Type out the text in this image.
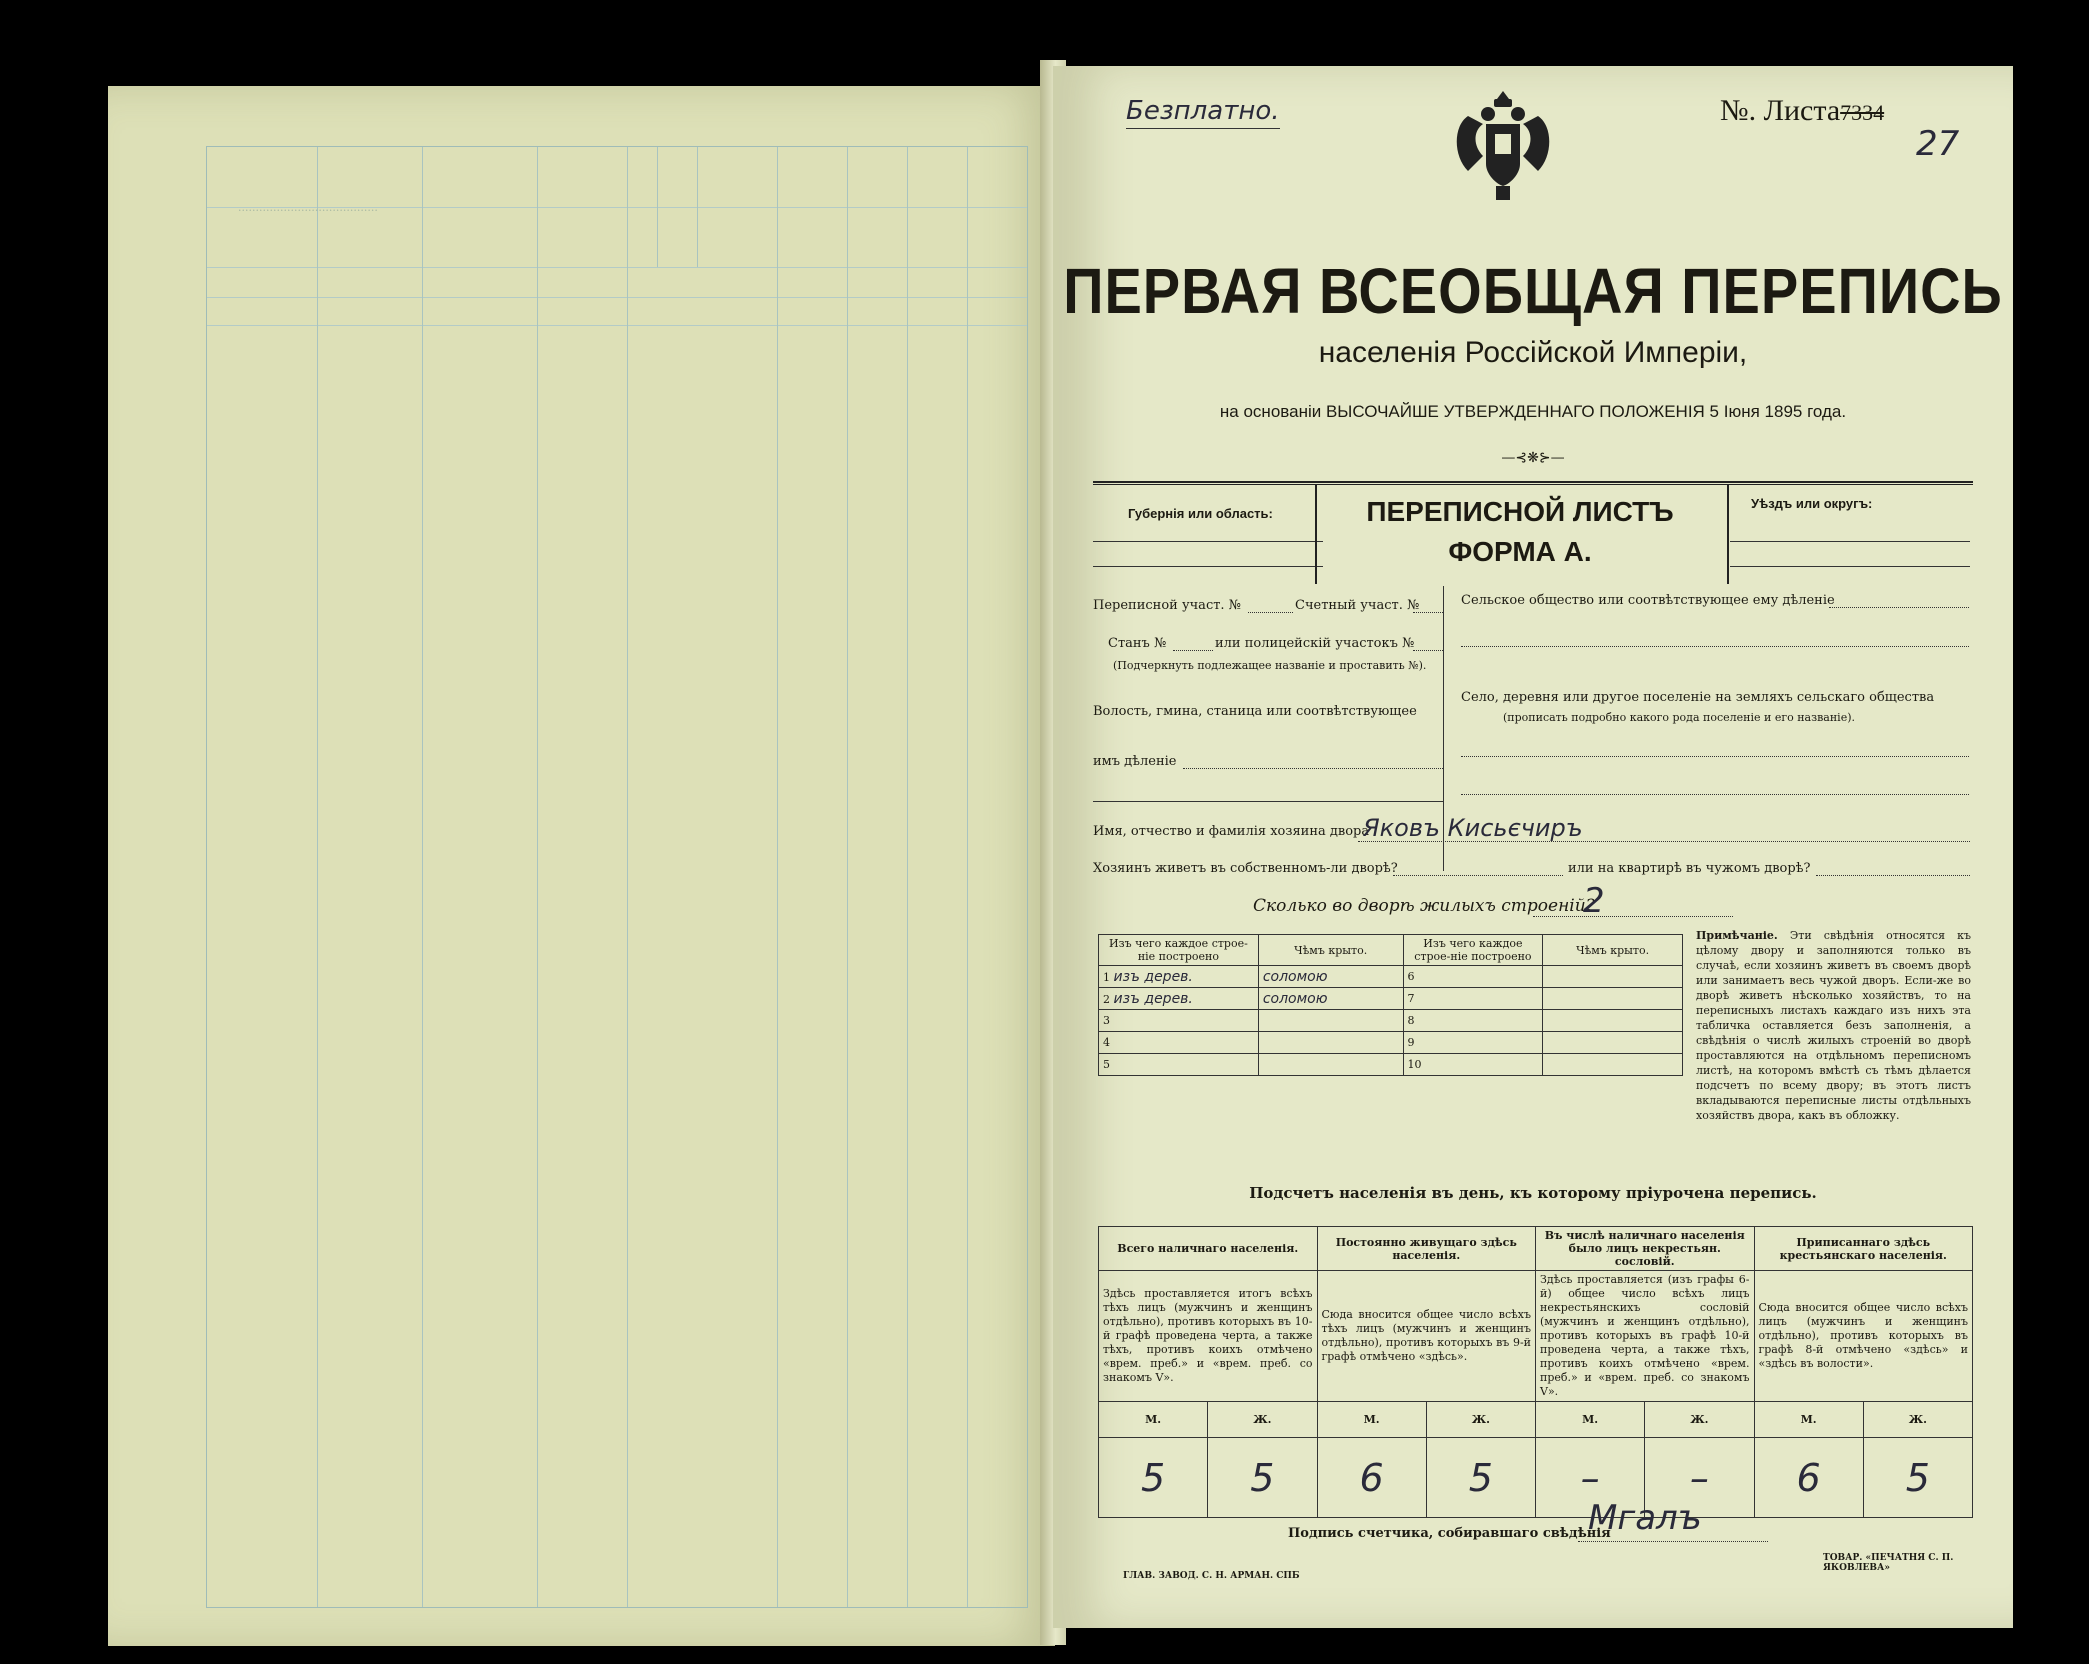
........................................
Безплатно.	№. Листа7334
27
ПЕРВАЯ ВСЕОБЩАЯ ПЕРЕПИСЬ
населенія Россійской Имперіи,
на основаніи ВЫСОЧАЙШЕ УТВЕРЖДЕННАГО ПОЛОЖЕНІЯ 5 Іюня 1895 года.
—⊰❋⊱—
Губернія или область:	ПЕРЕПИСНОЙ ЛИСТЪ
ФОРМА А.
Уѣздъ или округъ:
Переписной участ. №	Счетный участ. №
Станъ №	или полицейскій участокъ №
(Подчеркнуть подлежащее названіе и проставить №).
Волость, гмина, станица или соотвѣтствующее
имъ дѣленіе
Сельское общество или соотвѣтствующее ему дѣленіе
Село, деревня или другое поселеніе на земляхъ сельскаго общества
(прописать подробно какого рода поселеніе и его названіе).
Имя, отчество и фамилія хозяина двора
Яковъ Кисьєчиръ
Хозяинъ живетъ въ собственномъ-ли дворѣ?	или на квартирѣ въ чужомъ дворѣ?
Сколько во дворѣ жилыхъ строеній?
2
Изъ чего каждое строе-ніе построено	Чѣмъ крыто.	Изъ чего каждое строе-ніе построено	Чѣмъ крыто.
1 изъ дерев.	соломою	6	
2 изъ дерев.	соломою	7	
3		8	
4		9	
5		10	
Примѣчаніе. Эти свѣдѣнія относятся къ цѣлому двору и заполняются только въ случаѣ, если хозяинъ живетъ въ своемъ дворѣ или занимаетъ весь чужой дворъ. Если-же во дворѣ живетъ нѣсколько хозяйствъ, то на переписныхъ листахъ каждаго изъ нихъ эта табличка оставляется безъ заполненія, а свѣдѣнія о числѣ жилыхъ строеній во дворѣ проставляются на отдѣльномъ переписномъ листѣ, на которомъ вмѣстѣ съ тѣмъ дѣлается подсчетъ по всему двору; въ этотъ листъ вкладываются переписные листы отдѣльныхъ хозяйствъ двора, какъ въ обложку.
Подсчетъ населенія въ день, къ которому пріурочена перепись.
Всего наличнаго населенія.		Постоянно живущаго здѣсь населенія.		Въ числѣ наличнаго населенія было лицъ некрестьян. сословій.		Приписаннаго здѣсь крестьянскаго населенія.	
Здѣсь проставляется итогъ всѣхъ тѣхъ лицъ (мужчинъ и женщинъ отдѣльно), противъ которыхъ въ 10-й графѣ проведена черта, а также тѣхъ, противъ коихъ отмѣчено «врем. преб.» и «врем. преб. со знакомъ V».		Сюда вносится общее число всѣхъ тѣхъ лицъ (мужчинъ и женщинъ отдѣльно), противъ которыхъ въ 9-й графѣ отмѣчено «здѣсь».		Здѣсь проставляется (изъ графы 6-й) общее число всѣхъ лицъ некрестьянскихъ сословій (мужчинъ и женщинъ отдѣльно), противъ которыхъ въ графѣ 10-й проведена черта, а также тѣхъ, противъ коихъ отмѣчено «врем. преб.» и «врем. преб. со знакомъ V».		Сюда вносится общее число всѣхъ лицъ (мужчинъ и женщинъ отдѣльно), противъ которыхъ въ графѣ 8-й отмѣчено «здѣсь» и «здѣсь въ волости».	
М.	Ж.	М.	Ж.	М.	Ж.	М.	Ж.
5	5	6	5	–	–	6	5
Подпись счетчика, собиравшаго свѣдѣнія
Мгалъ
ГЛАВ. ЗАВОД. С. Н. АРМАН. СПБ
ТОВАР. «ПЕЧАТНЯ С. П. ЯКОВЛЕВА»
